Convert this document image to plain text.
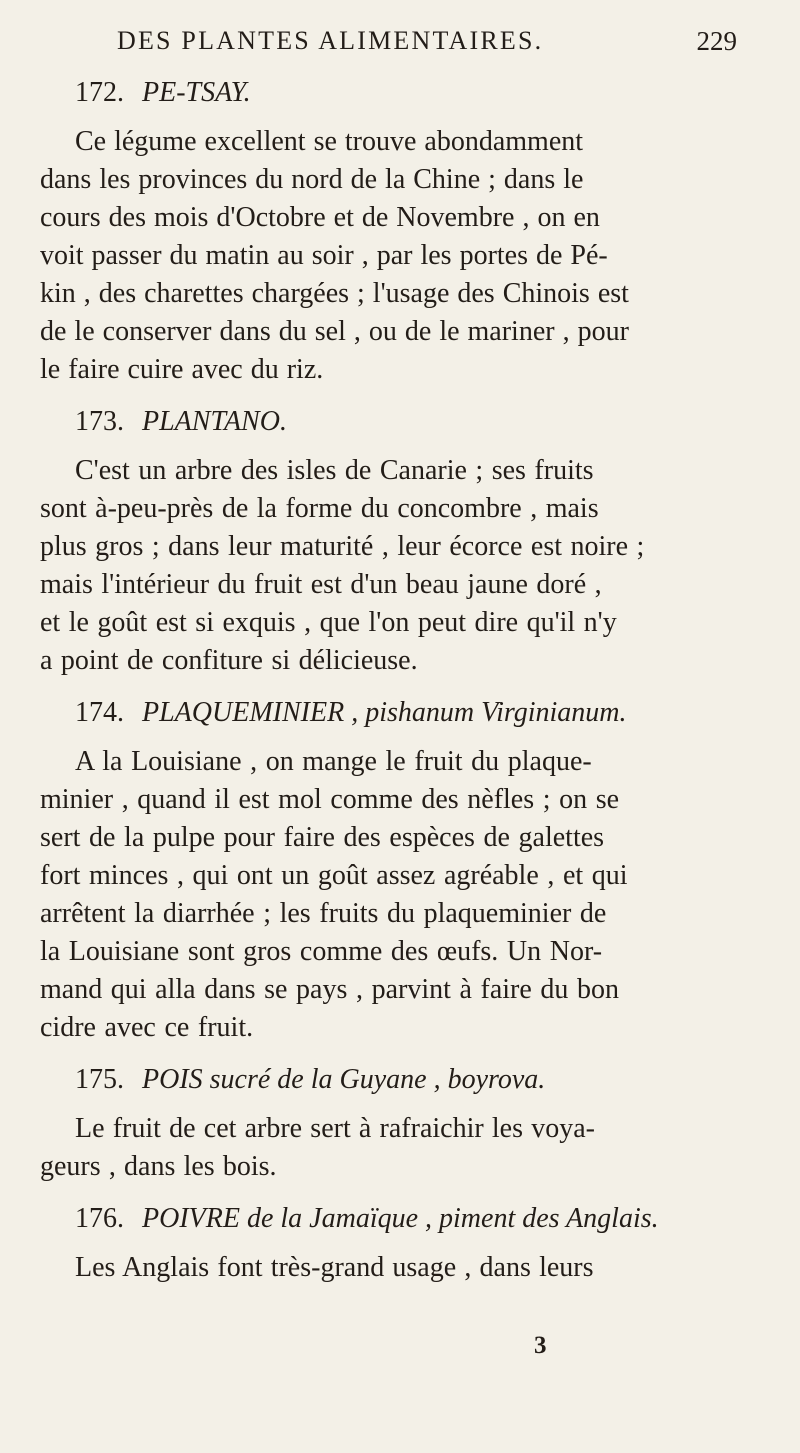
DES PLANTES ALIMENTAIRES.	229
172. PE-TSAY.

Ce légume excellent se trouve abondamment
dans les provinces du nord de la Chine ; dans le
cours des mois d'Octobre et de Novembre , on en
voit passer du matin au soir , par les portes de Pé-
kin , des charettes chargées ; l'usage des Chinois est
de le conserver dans du sel , ou de le mariner , pour
le faire cuire avec du riz.

173. PLANTANO.

C'est un arbre des isles de Canarie ; ses fruits
sont à-peu-près de la forme du concombre , mais
plus gros ; dans leur maturité , leur écorce est noire ;
mais l'intérieur du fruit est d'un beau jaune doré ,
et le goût est si exquis , que l'on peut dire qu'il n'y
a point de confiture si délicieuse.

174. PLAQUEMINIER , pishanum Virginianum.

A la Louisiane , on mange le fruit du plaque-
minier , quand il est mol comme des nèfles ; on se
sert de la pulpe pour faire des espèces de galettes
fort minces , qui ont un goût assez agréable , et qui
arrêtent la diarrhée ; les fruits du plaqueminier de
la Louisiane sont gros comme des œufs. Un Nor-
mand qui alla dans se pays , parvint à faire du bon
cidre avec ce fruit.

175. POIS sucré de la Guyane , boyrova.

Le fruit de cet arbre sert à rafraichir les voya-
geurs , dans les bois.

176. POIVRE de la Jamaïque , piment des Anglais.

Les Anglais font très-grand usage , dans leurs

3
